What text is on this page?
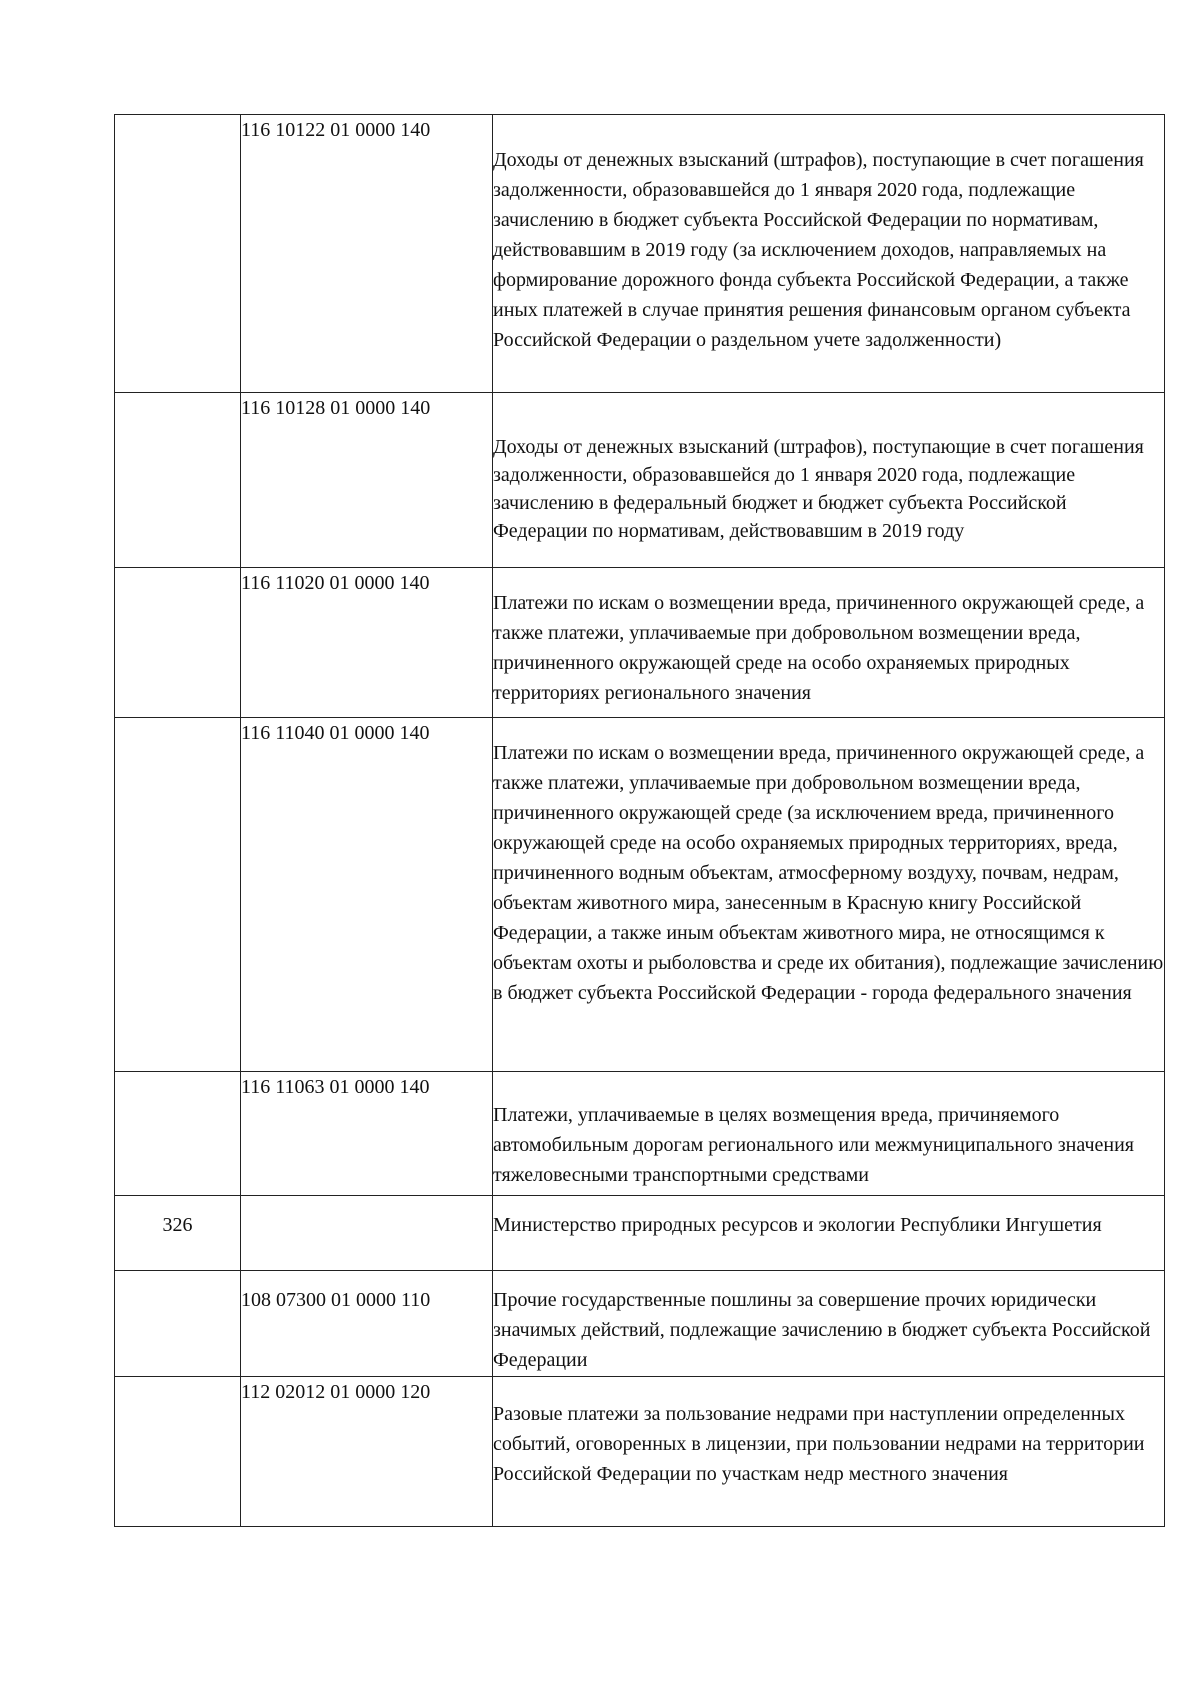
	116 10122 01 0000 140	Доходы от денежных взысканий (штрафов), поступающие в счет погашения задолженности, образовавшейся до 1 января 2020 года, подлежащие зачислению в бюджет субъекта Российской Федерации по нормативам, действовавшим в 2019 году (за исключением доходов, направляемых на формирование дорожного фонда субъекта Российской Федерации, а также иных платежей в случае принятия решения финансовым органом субъекта Российской Федерации о раздельном учете задолженности)
	116 10128 01 0000 140	Доходы от денежных взысканий (штрафов), поступающие в счет погашения задолженности, образовавшейся до 1 января 2020 года, подлежащие зачислению в федеральный бюджет и бюджет субъекта Российской Федерации по нормативам, действовавшим в 2019 году
	116 11020 01 0000 140	Платежи по искам о возмещении вреда, причиненного окружающей среде, а также платежи, уплачиваемые при добровольном возмещении вреда, причиненного окружающей среде на особо охраняемых природных территориях регионального значения
	116 11040 01 0000 140	Платежи по искам о возмещении вреда, причиненного окружающей среде, а также платежи, уплачиваемые при добровольном возмещении вреда, причиненного окружающей среде (за исключением вреда, причиненного окружающей среде на особо охраняемых природных территориях, вреда, причиненного водным объектам, атмосферному воздуху, почвам, недрам, объектам животного мира, занесенным в Красную книгу Российской Федерации, а также иным объектам животного мира, не относящимся к объектам охоты и рыболовства и среде их обитания), подлежащие зачислению в бюджет субъекта Российской Федерации - города федерального значения
	116 11063 01 0000 140	Платежи, уплачиваемые в целях возмещения вреда, причиняемого автомобильным дорогам регионального или межмуниципального значения тяжеловесными транспортными средствами
326		Министерство природных ресурсов и экологии Республики Ингушетия
	108 07300 01 0000 110	Прочие государственные пошлины за совершение прочих юридически значимых действий, подлежащие зачислению в бюджет субъекта Российской Федерации
	112 02012 01 0000 120	Разовые платежи за пользование недрами при наступлении определенных событий, оговоренных в лицензии, при пользовании недрами на территории Российской Федерации по участкам недр местного значения
